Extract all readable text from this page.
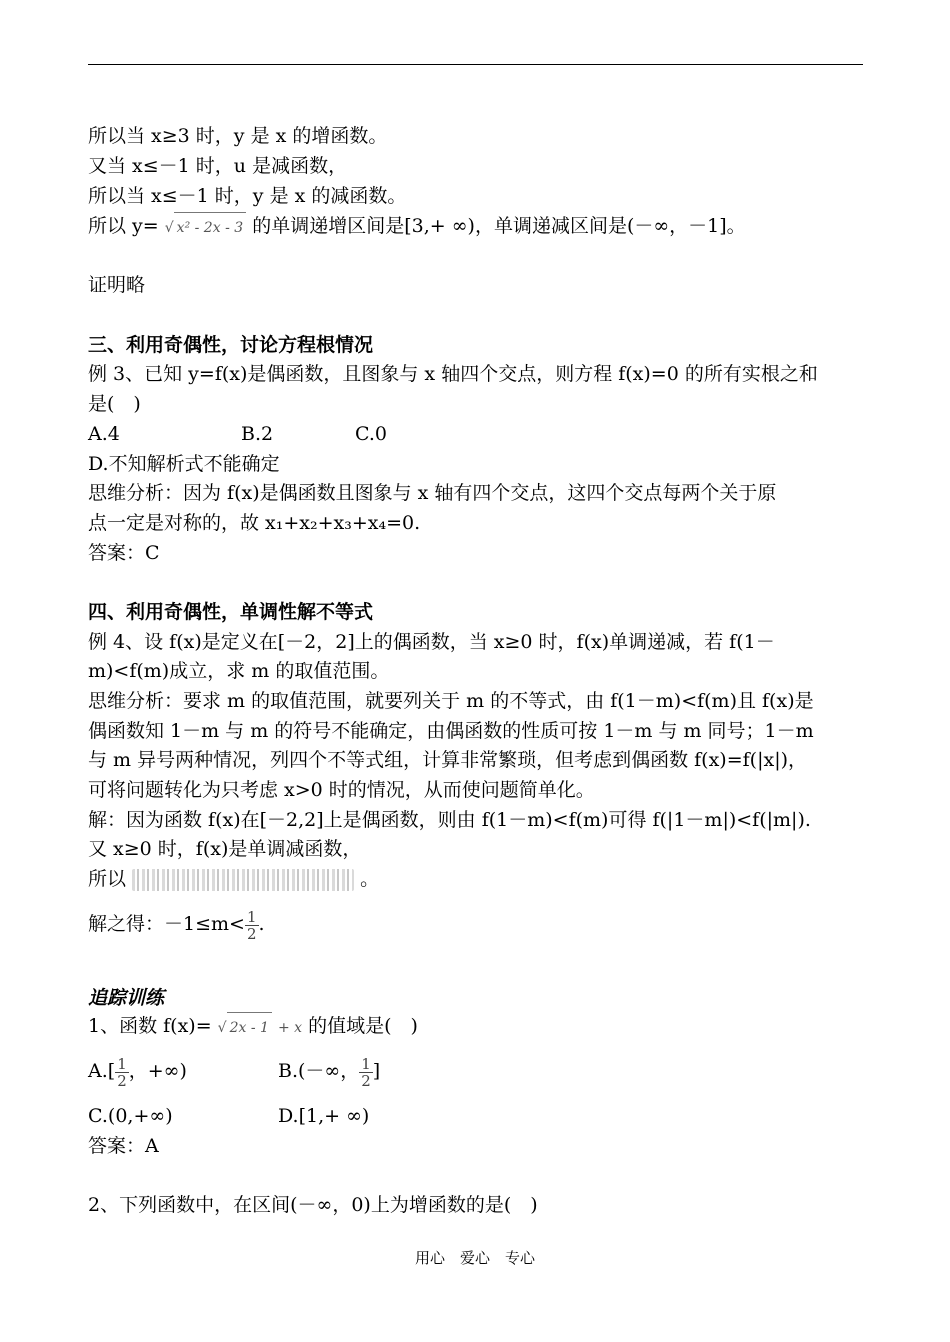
所以当 x≥3 时，y 是 x 的增函数。
又当 x≤－1 时，u 是减函数，
所以当 x≤－1 时，y 是 x 的减函数。
所以 y= √ x² - 2x - 3 的单调递增区间是[3,+ ∞)，单调递减区间是(－∞，－1]。
证明略
三、利用奇偶性，讨论方程根情况
例 3、已知 y=f(x)是偶函数，且图象与 x 轴四个交点，则方程 f(x)=0 的所有实根之和
是(　)
A.4	B.2	C.0
D.不知解析式不能确定
思维分析：因为 f(x)是偶函数且图象与 x 轴有四个交点，这四个交点每两个关于原
点一定是对称的，故 x₁+x₂+x₃+x₄=0.
答案：C
四、利用奇偶性，单调性解不等式
例 4、设 f(x)是定义在[－2，2]上的偶函数，当 x≥0 时，f(x)单调递减，若 f(1－
m)<f(m)成立，求 m 的取值范围。
思维分析：要求 m 的取值范围，就要列关于 m 的不等式，由 f(1－m)<f(m)且 f(x)是
偶函数知 1－m 与 m 的符号不能确定，由偶函数的性质可按 1－m 与 m 同号；1－m
与 m 异号两种情况，列四个不等式组，计算非常繁琐，但考虑到偶函数 f(x)=f(|x|)，
可将问题转化为只考虑 x>0 时的情况，从而使问题简单化。
解：因为函数 f(x)在[－2,2]上是偶函数，则由 f(1－m)<f(m)可得 f(|1－m|)<f(|m|).
又 x≥0 时，f(x)是单调减函数，
所以	。
解之得：$-1\le m< \frac{1}{2}$ .
追踪训练
1、函数 f(x)= √ 2x - 1 + x 的值域是(　)
$A.[ \frac{1}{2}$ ，+∞)	B.(－∞， $\frac{1}{2}$ ]
C.(0,+∞)	D.[1,+ ∞)
答案：A
2、下列函数中，在区间(－∞，0)上为增函数的是(　)
用心　爱心　专心
